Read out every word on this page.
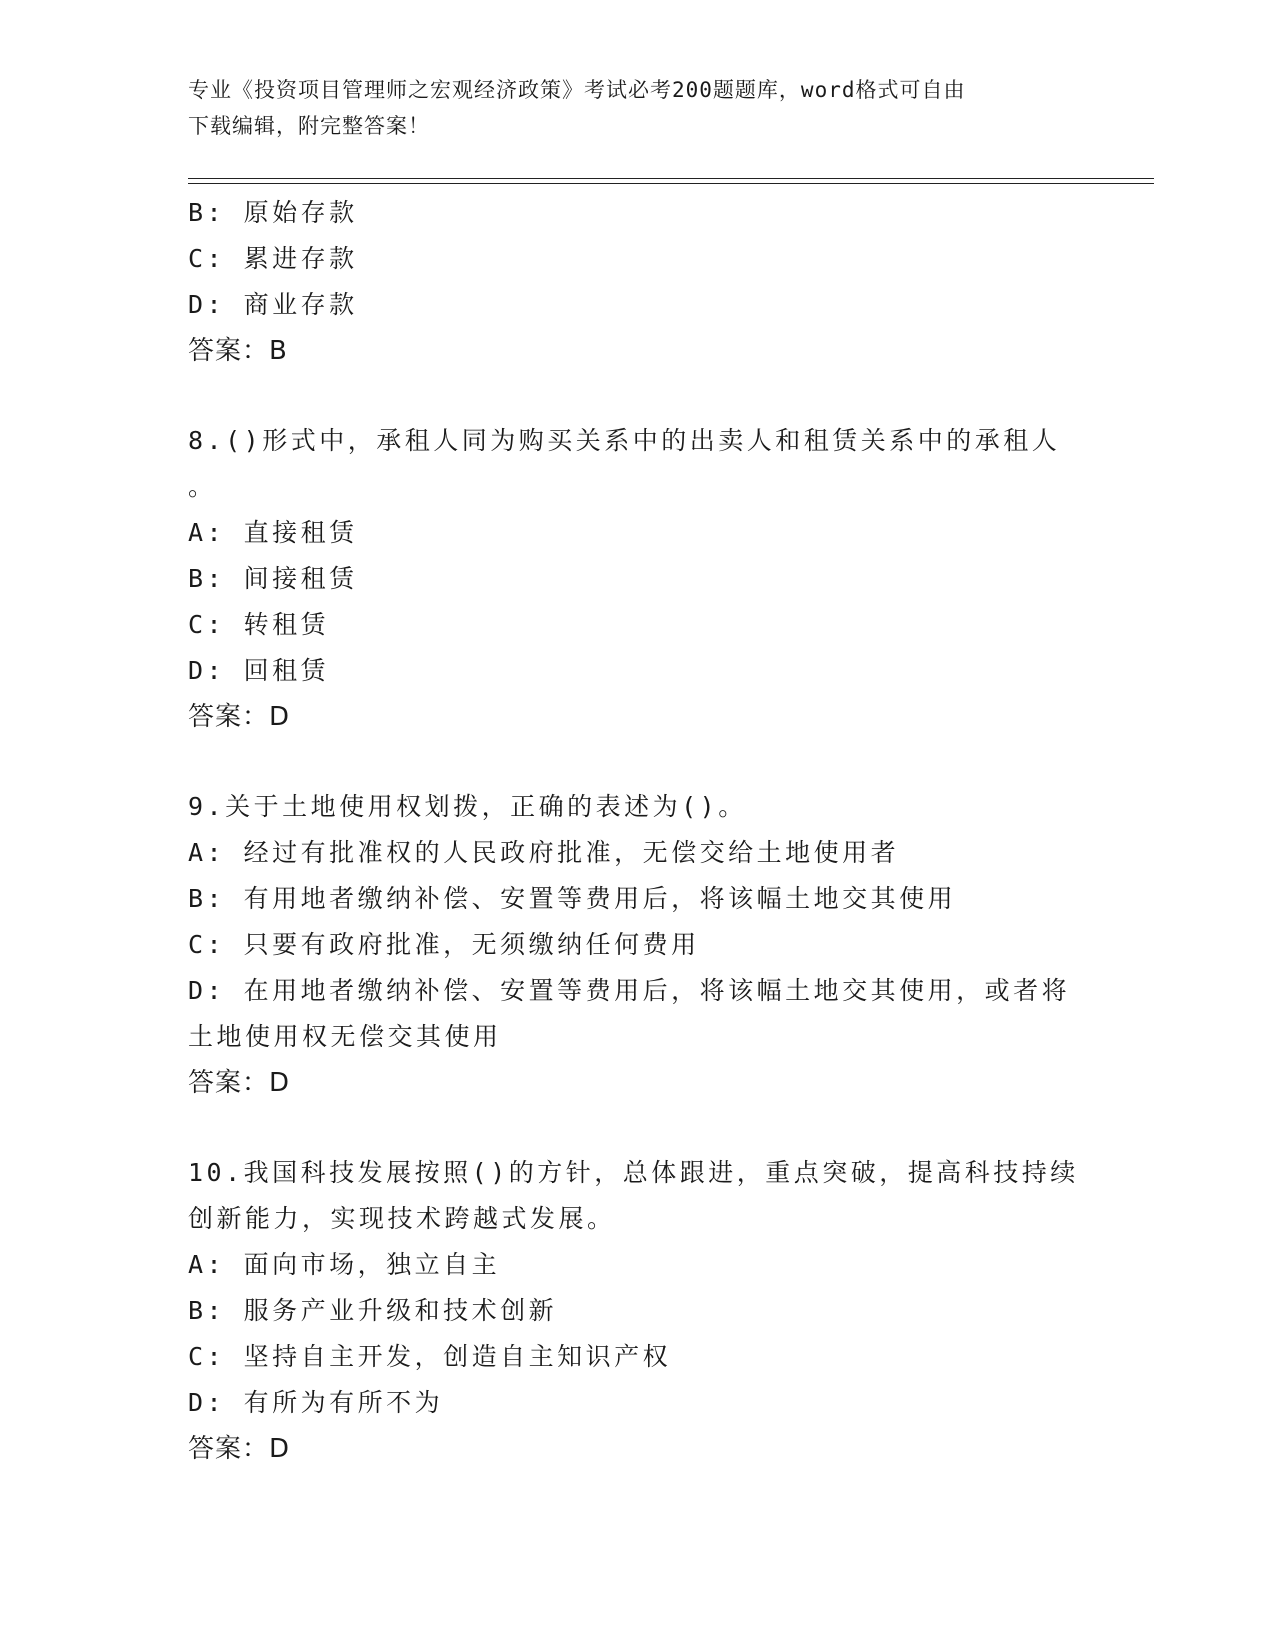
专业《投资项目管理师之宏观经济政策》考试必考200题题库，word格式可自由
下载编辑，附完整答案！
B: 原始存款
C: 累进存款
D: 商业存款
答案：B
8.()形式中，承租人同为购买关系中的出卖人和租赁关系中的承租人
。
A: 直接租赁
B: 间接租赁
C: 转租赁
D: 回租赁
答案：D
9.关于土地使用权划拨，正确的表述为()。
A: 经过有批准权的人民政府批准，无偿交给土地使用者
B: 有用地者缴纳补偿、安置等费用后，将该幅土地交其使用
C: 只要有政府批准，无须缴纳任何费用
D: 在用地者缴纳补偿、安置等费用后，将该幅土地交其使用，或者将
土地使用权无偿交其使用
答案：D
10.我国科技发展按照()的方针，总体跟进，重点突破，提高科技持续
创新能力，实现技术跨越式发展。
A: 面向市场，独立自主
B: 服务产业升级和技术创新
C: 坚持自主开发，创造自主知识产权
D: 有所为有所不为
答案：D
